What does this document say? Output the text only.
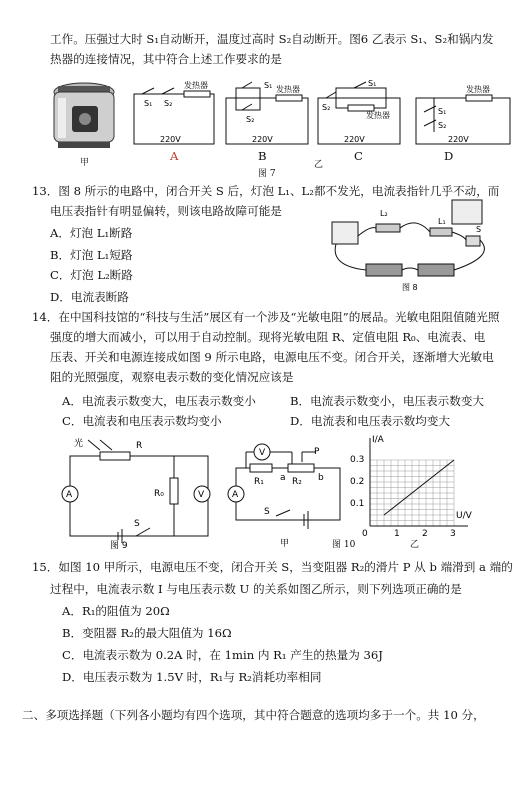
工作。压强过大时 S₁自动断开，温度过高时 S₂自动断开。图6 乙表示 S₁、S₂和锅内发
热器的连接情况，其中符合上述工作要求的是
甲
S₁ S₂
发热器
220V
A
S₁
S₂
发热器
220V
B
乙
S₁
S₂
发热器
220V
C
S₁
S₂
发热器
220V
D
图 7
13．图 8 所示的电路中，闭合开关 S 后，灯泡 L₁、L₂都不发光，电流表指针几乎不动，而
电压表指针有明显偏转，则该电路故障可能是
A．灯泡 L₁断路
B．灯泡 L₁短路
C．灯泡 L₂断路
D．电流表断路
L₂
L₁
S
图 8
14．在中国科技馆的“科技与生活”展区有一个涉及“光敏电阻”的展品。光敏电阻阻值随光照
强度的增大而减小，可以用于自动控制。现将光敏电阻 R、定值电阻 R₀、电流表、电
压表、开关和电源连接成如图 9 所示电路，电源电压不变。闭合开关，逐渐增大光敏电
阻的光照强度，观察电表示数的变化情况应该是
A．电流表示数变大，电压表示数变小	B．电流表示数变小，电压表示数变大
C．电流表和电压表示数均变小	D．电流表和电压表示数均变大
光	R
R₀
A	V
S
图 9
V
A
R₁	R₂
a	b
P
S
甲	图 10
I/A
U/V
0
0.3
0.2
0.1
1 2 3
乙
15．如图 10 甲所示，电源电压不变，闭合开关 S，当变阻器 R₂的滑片 P 从 b 端滑到 a 端的
过程中，电流表示数 I 与电压表示数 U 的关系如图乙所示，则下列选项正确的是
A．R₁的阻值为 20Ω
B．变阻器 R₂的最大阻值为 16Ω
C．电流表示数为 0.2A 时，在 1min 内 R₁ 产生的热量为 36J
D．电压表示数为 1.5V 时，R₁与 R₂消耗功率相同
二、多项选择题（下列各小题均有四个选项，其中符合题意的选项均多于一个。共 10 分，
